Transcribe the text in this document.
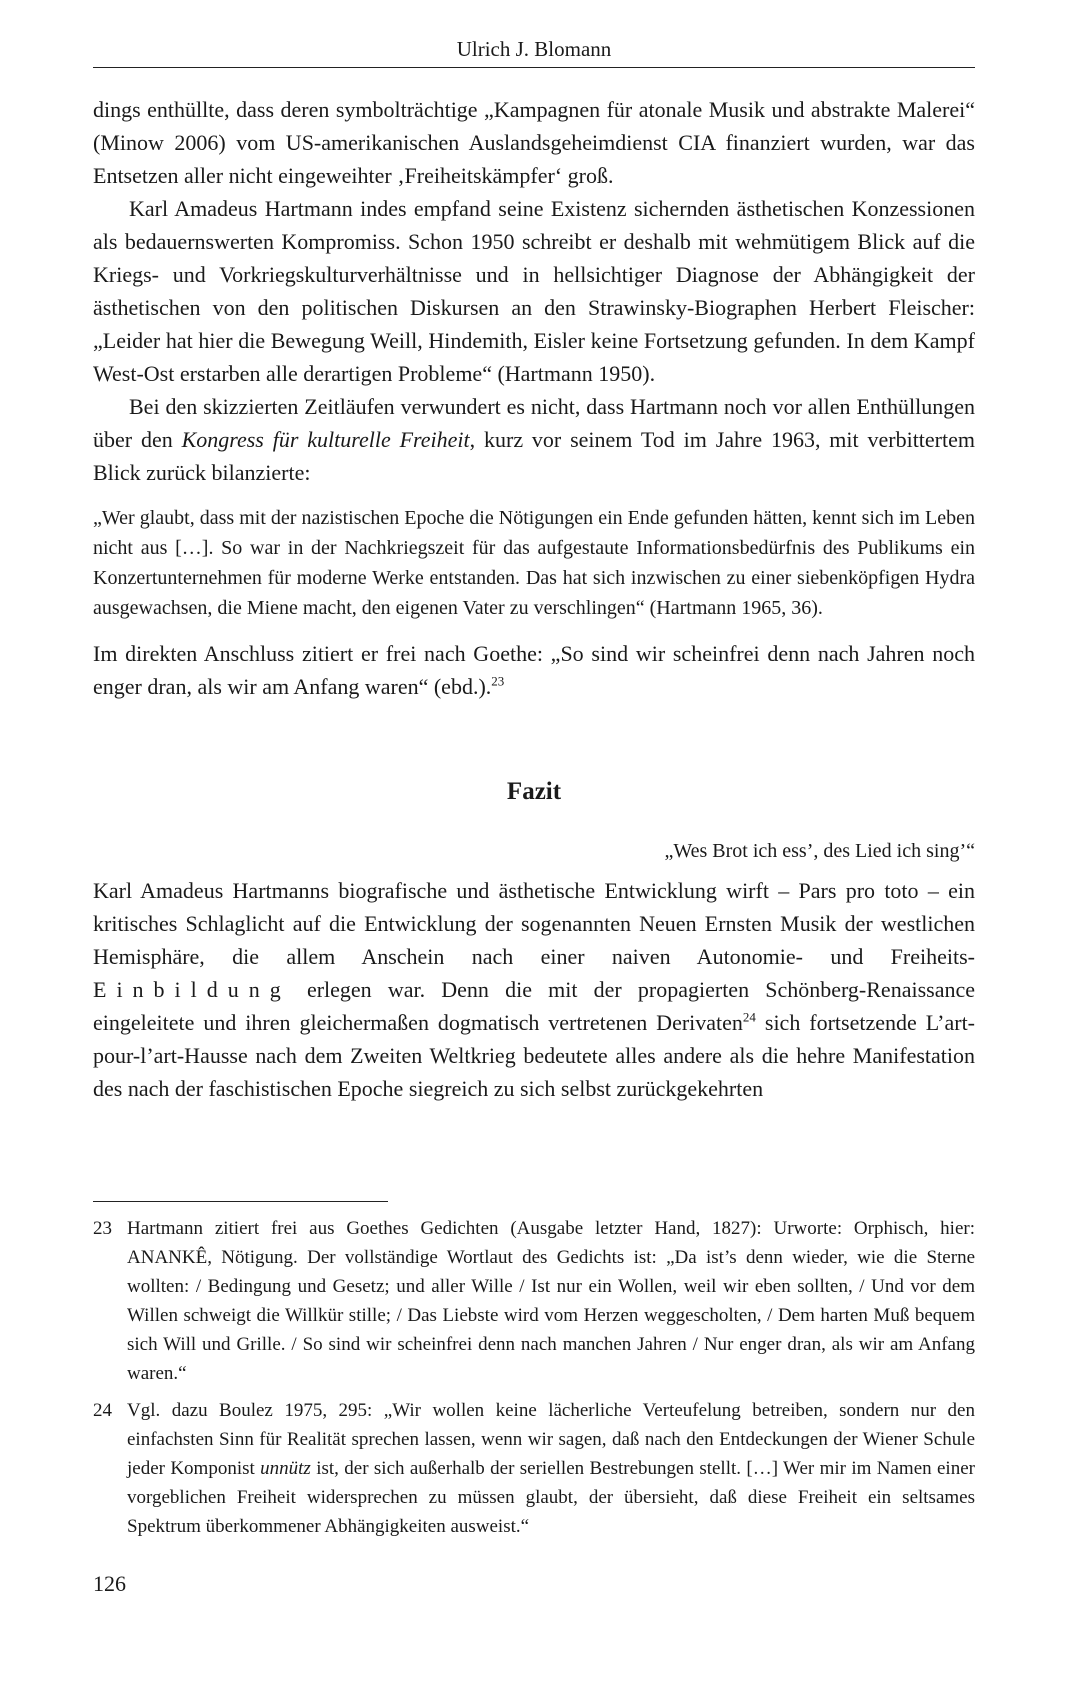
Ulrich J. Blomann

dings enthüllte, dass deren symbolträchtige „Kampagnen für atonale Musik und abstrakte Malerei“ (Minow 2006) vom US-amerikanischen Auslandsgeheimdienst CIA finanziert wurden, war das Entsetzen aller nicht eingeweihter ‚Freiheitskämpfer‘ groß.

Karl Amadeus Hartmann indes empfand seine Existenz sichernden ästhetischen Konzessionen als bedauernswerten Kompromiss. Schon 1950 schreibt er deshalb mit wehmütigem Blick auf die Kriegs- und Vorkriegskulturverhältnisse und in hellsichtiger Diagnose der Abhängigkeit der ästhetischen von den politischen Diskursen an den Strawinsky-Biographen Herbert Fleischer: „Leider hat hier die Bewegung Weill, Hindemith, Eisler keine Fortsetzung gefunden. In dem Kampf West-Ost erstarben alle derartigen Probleme“ (Hartmann 1950).

Bei den skizzierten Zeitläufen verwundert es nicht, dass Hartmann noch vor allen Enthüllungen über den Kongress für kulturelle Freiheit, kurz vor seinem Tod im Jahre 1963, mit verbittertem Blick zurück bilanzierte:

„Wer glaubt, dass mit der nazistischen Epoche die Nötigungen ein Ende gefunden hätten, kennt sich im Leben nicht aus […]. So war in der Nachkriegszeit für das aufgestaute Informationsbedürfnis des Publikums ein Konzertunternehmen für moderne Werke entstanden. Das hat sich inzwischen zu einer siebenköpfigen Hydra ausgewachsen, die Miene macht, den eigenen Vater zu verschlingen“ (Hartmann 1965, 36).

Im direkten Anschluss zitiert er frei nach Goethe: „So sind wir scheinfrei denn nach Jahren noch enger dran, als wir am Anfang waren“ (ebd.).$^{23}$

Fazit

„Wes Brot ich ess’, des Lied ich sing’“

Karl Amadeus Hartmanns biografische und ästhetische Entwicklung wirft – Pars pro toto – ein kritisches Schlaglicht auf die Entwicklung der sogenannten Neuen Ernsten Musik der westlichen Hemisphäre, die allem Anschein nach einer naiven Autonomie- und Freiheits- Einbildung erlegen war. Denn die mit der propagierten Schönberg-Renaissance eingeleitete und ihren gleichermaßen dogmatisch vertretenen Derivaten$^{24}$ sich fortsetzende L’art-pour-l’art-Hausse nach dem Zweiten Weltkrieg bedeutete alles andere als die hehre Manifestation des nach der faschistischen Epoche siegreich zu sich selbst zurückgekehrten

23 Hartmann zitiert frei aus Goethes Gedichten (Ausgabe letzter Hand, 1827): Urworte: Orphisch, hier: ANANKÊ, Nötigung. Der vollständige Wortlaut des Gedichts ist: „Da ist’s denn wieder, wie die Sterne wollten: / Bedingung und Gesetz; und aller Wille / Ist nur ein Wollen, weil wir eben sollten, / Und vor dem Willen schweigt die Willkür stille; / Das Liebste wird vom Herzen weggescholten, / Dem harten Muß bequem sich Will und Grille. / So sind wir scheinfrei denn nach manchen Jahren / Nur enger dran, als wir am Anfang waren.“
24 Vgl. dazu Boulez 1975, 295: „Wir wollen keine lächerliche Verteufelung betreiben, sondern nur den einfachsten Sinn für Realität sprechen lassen, wenn wir sagen, daß nach den Entdeckungen der Wiener Schule jeder Komponist unnütz ist, der sich außerhalb der seriellen Bestrebungen stellt. […] Wer mir im Namen einer vorgeblichen Freiheit widersprechen zu müssen glaubt, der übersieht, daß diese Freiheit ein seltsames Spektrum überkommener Abhängigkeiten ausweist.“
126
